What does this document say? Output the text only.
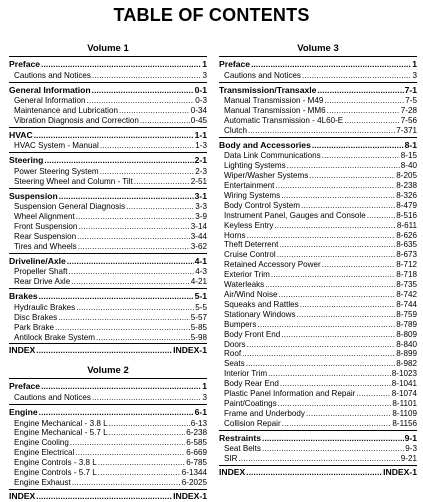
TABLE OF CONTENTS
Volume 1
Preface .....	1
Cautions and Notices .....	3
General Information .....	0-1
General Information .....	0-3
Maintenance and Lubrication .....	0-34
Vibration Diagnosis and Correction .....	0-45
HVAC .....	1-1
HVAC System - Manual .....	1-3
Steering .....	2-1
Power Steering System .....	2-3
Steering Wheel and Column - Tilt .....	2-51
Suspension .....	3-1
Suspension General Diagnosis .....	3-3
Wheel Alignment .....	3-9
Front Suspension .....	3-14
Rear Suspension .....	3-44
Tires and Wheels .....	3-62
Driveline/Axle .....	4-1
Propeller Shaft .....	4-3
Rear Drive Axle .....	4-21
Brakes .....	5-1
Hydraulic Brakes .....	5-5
Disc Brakes .....	5-57
Park Brake .....	5-85
Antilock Brake System .....	5-98
INDEX .....	INDEX-1
Volume 2
Preface .....	1
Cautions and Notices .....	3
Engine .....	6-1
Engine Mechanical - 3.8 L .....	6-13
Engine Mechanical - 5.7 L .....	6-238
Engine Cooling .....	6-585
Engine Electrical .....	6-669
Engine Controls - 3.8 L .....	6-785
Engine Controls - 5.7 L .....	6-1344
Engine Exhaust .....	6-2025
INDEX .....	INDEX-1
Volume 3
Preface .....	1
Cautions and Notices .....	3
Transmission/Transaxle .....	7-1
Manual Transmission - M49 .....	7-5
Manual Transmission - MM6 .....	7-28
Automatic Transmission - 4L60-E .....	7-56
Clutch .....	7-371
Body and Accessories .....	8-1
Data Link Communications .....	8-15
Lighting Systems .....	8-40
Wiper/Washer Systems .....	8-205
Entertainment .....	8-238
Wiring Systems .....	8-326
Body Control System .....	8-479
Instrument Panel, Gauges and Console .....	8-516
Keyless Entry .....	8-611
Horns .....	8-626
Theft Deterrent .....	8-635
Cruise Control .....	8-673
Retained Accessory Power .....	8-712
Exterior Trim .....	8-718
Waterleaks .....	8-735
Air/Wind Noise .....	8-742
Squeaks and Rattles .....	8-744
Stationary Windows .....	8-759
Bumpers .....	8-789
Body Front End .....	8-809
Doors .....	8-840
Roof .....	8-899
Seats .....	8-982
Interior Trim .....	8-1023
Body Rear End .....	8-1041
Plastic Panel Information and Repair .....	8-1074
Paint/Coatings .....	8-1101
Frame and Underbody .....	8-1109
Collision Repair .....	8-1156
Restraints .....	9-1
Seat Belts .....	9-3
SIR .....	9-21
INDEX .....	INDEX-1
